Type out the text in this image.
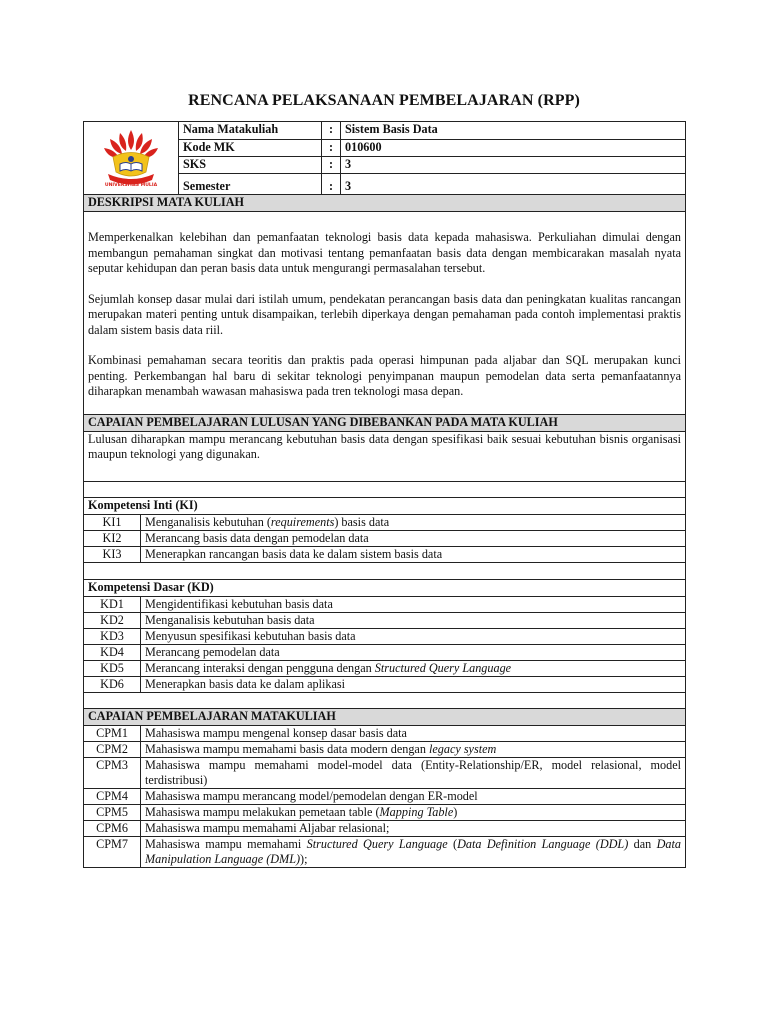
RENCANA PELAKSANAAN PEMBELAJARAN (RPP)
UNIVERSITAS MULIA	Nama Matakuliah	:	Sistem Basis Data
	Kode MK	:	010600
	SKS	:	3
	Semester	:	3
DESKRIPSI MATA KULIAH	

Memperkenalkan kelebihan dan pemanfaatan teknologi basis data kepada mahasiswa. Perkuliahan dimulai dengan membangun pemahaman singkat dan motivasi tentang pemanfaatan basis data dengan membicarakan masalah nyata seputar kehidupan dan peran basis data untuk mengurangi permasalahan tersebut.

Sejumlah konsep dasar mulai dari istilah umum, pendekatan perancangan basis data dan peningkatan kualitas rancangan merupakan materi penting untuk disampaikan, terlebih diperkaya dengan pemahaman pada contoh implementasi praktis dalam sistem basis data riil.

Kombinasi pemahaman secara teoritis dan praktis pada operasi himpunan pada aljabar dan SQL merupakan kunci penting. Perkembangan hal baru di sekitar teknologi penyimpanan maupun pemodelan data serta pemanfaatannya diharapkan menambah wawasan mahasiswa pada tren teknologi masa depan.	

CAPAIAN PEMBELAJARAN LULUSAN YANG DIBEBANKAN PADA MATA KULIAH	
Lulusan diharapkan mampu merancang kebutuhan basis data dengan spesifikasi baik sesuai kebutuhan bisnis organisasi maupun teknologi yang digunakan.	

Kompetensi Inti (KI)	
KI1	Menganalisis kebutuhan (requirements) basis data
KI2	Merancang basis data dengan pemodelan data
KI3	Menerapkan rancangan basis data ke dalam sistem basis data

Kompetensi Dasar (KD)	
KD1	Mengidentifikasi kebutuhan basis data
KD2	Menganalisis kebutuhan basis data
KD3	Menyusun spesifikasi kebutuhan basis data
KD4	Merancang pemodelan data
KD5	Merancang interaksi dengan pengguna dengan Structured Query Language
KD6	Menerapkan basis data ke dalam aplikasi

CAPAIAN PEMBELAJARAN MATAKULIAH	
CPM1	Mahasiswa mampu mengenal konsep dasar basis data
CPM2	Mahasiswa mampu memahami basis data modern dengan legacy system
CPM3	Mahasiswa mampu memahami model-model data (Entity-Relationship/ER, model relasional, model terdistribusi)
CPM4	Mahasiswa mampu merancang model/pemodelan dengan ER-model
CPM5	Mahasiswa mampu melakukan pemetaan table (Mapping Table)
CPM6	Mahasiswa mampu memahami Aljabar relasional;
CPM7	Mahasiswa mampu memahami Structured Query Language (Data Definition Language (DDL) dan Data Manipulation Language (DML));
